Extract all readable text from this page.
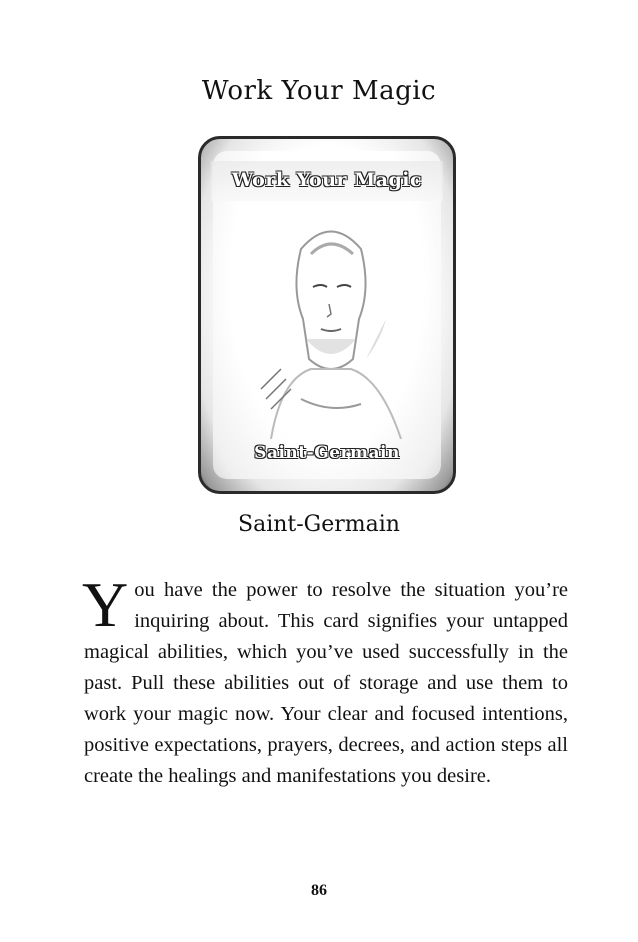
Work Your Magic
Work Your Magic
Saint-Germain
Saint-Germain
You have the power to resolve the situation you’re inquiring about. This card signifies your untapped magical abilities, which you’ve used successfully in the past. Pull these abilities out of storage and use them to work your magic now. Your clear and focused intentions, positive expectations, prayers, decrees, and action steps all create the healings and manifestations you desire.
86
